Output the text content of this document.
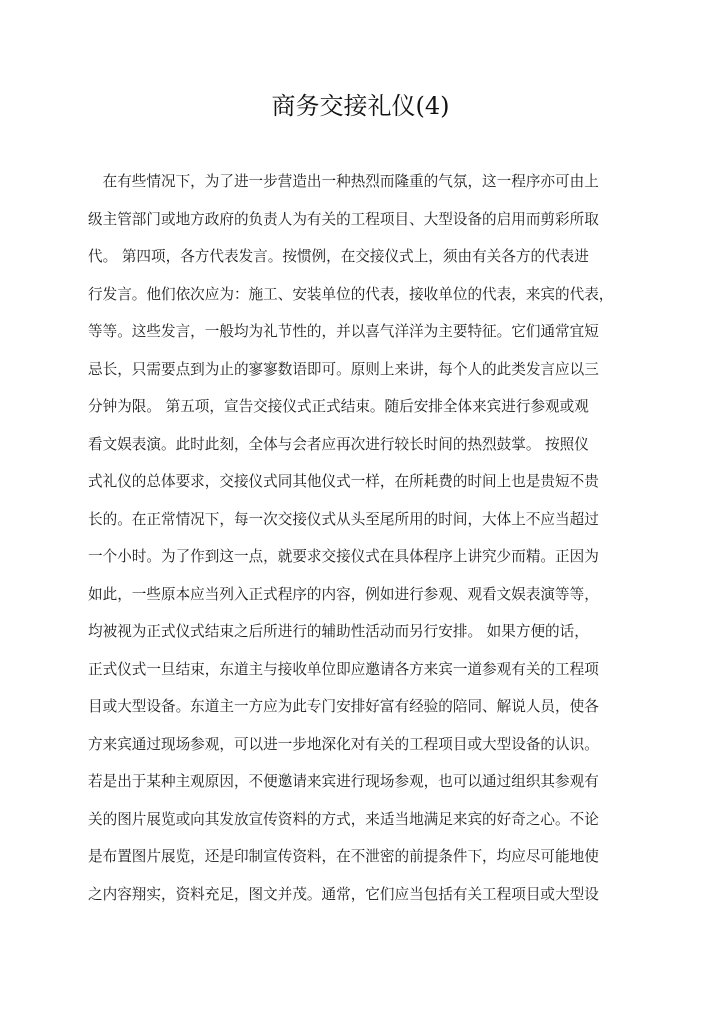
商务交接礼仪(4)
　在有些情况下，为了进一步营造出一种热烈而隆重的气氛，这一程序亦可由上
级主管部门或地方政府的负责人为有关的工程项目、大型设备的启用而剪彩所取
代。 第四项，各方代表发言。按惯例，在交接仪式上，须由有关各方的代表进
行发言。他们依次应为：施工、安装单位的代表，接收单位的代表，来宾的代表，
等等。这些发言，一般均为礼节性的，并以喜气洋洋为主要特征。它们通常宜短
忌长，只需要点到为止的寥寥数语即可。原则上来讲，每个人的此类发言应以三
分钟为限。 第五项，宣告交接仪式正式结束。随后安排全体来宾进行参观或观
看文娱表演。此时此刻，全体与会者应再次进行较长时间的热烈鼓掌。 按照仪
式礼仪的总体要求，交接仪式同其他仪式一样，在所耗费的时间上也是贵短不贵
长的。在正常情况下，每一次交接仪式从头至尾所用的时间，大体上不应当超过
一个小时。为了作到这一点，就要求交接仪式在具体程序上讲究少而精。正因为
如此，一些原本应当列入正式程序的内容，例如进行参观、观看文娱表演等等，
均被视为正式仪式结束之后所进行的辅助性活动而另行安排。 如果方便的话，
正式仪式一旦结束，东道主与接收单位即应邀请各方来宾一道参观有关的工程项
目或大型设备。东道主一方应为此专门安排好富有经验的陪同、解说人员，使各
方来宾通过现场参观，可以进一步地深化对有关的工程项目或大型设备的认识。
若是出于某种主观原因，不便邀请来宾进行现场参观，也可以通过组织其参观有
关的图片展览或向其发放宣传资料的方式，来适当地满足来宾的好奇之心。不论
是布置图片展览，还是印制宣传资料，在不泄密的前提条件下，均应尽可能地使
之内容翔实，资料充足，图文并茂。通常，它们应当包括有关工程项目或大型设
